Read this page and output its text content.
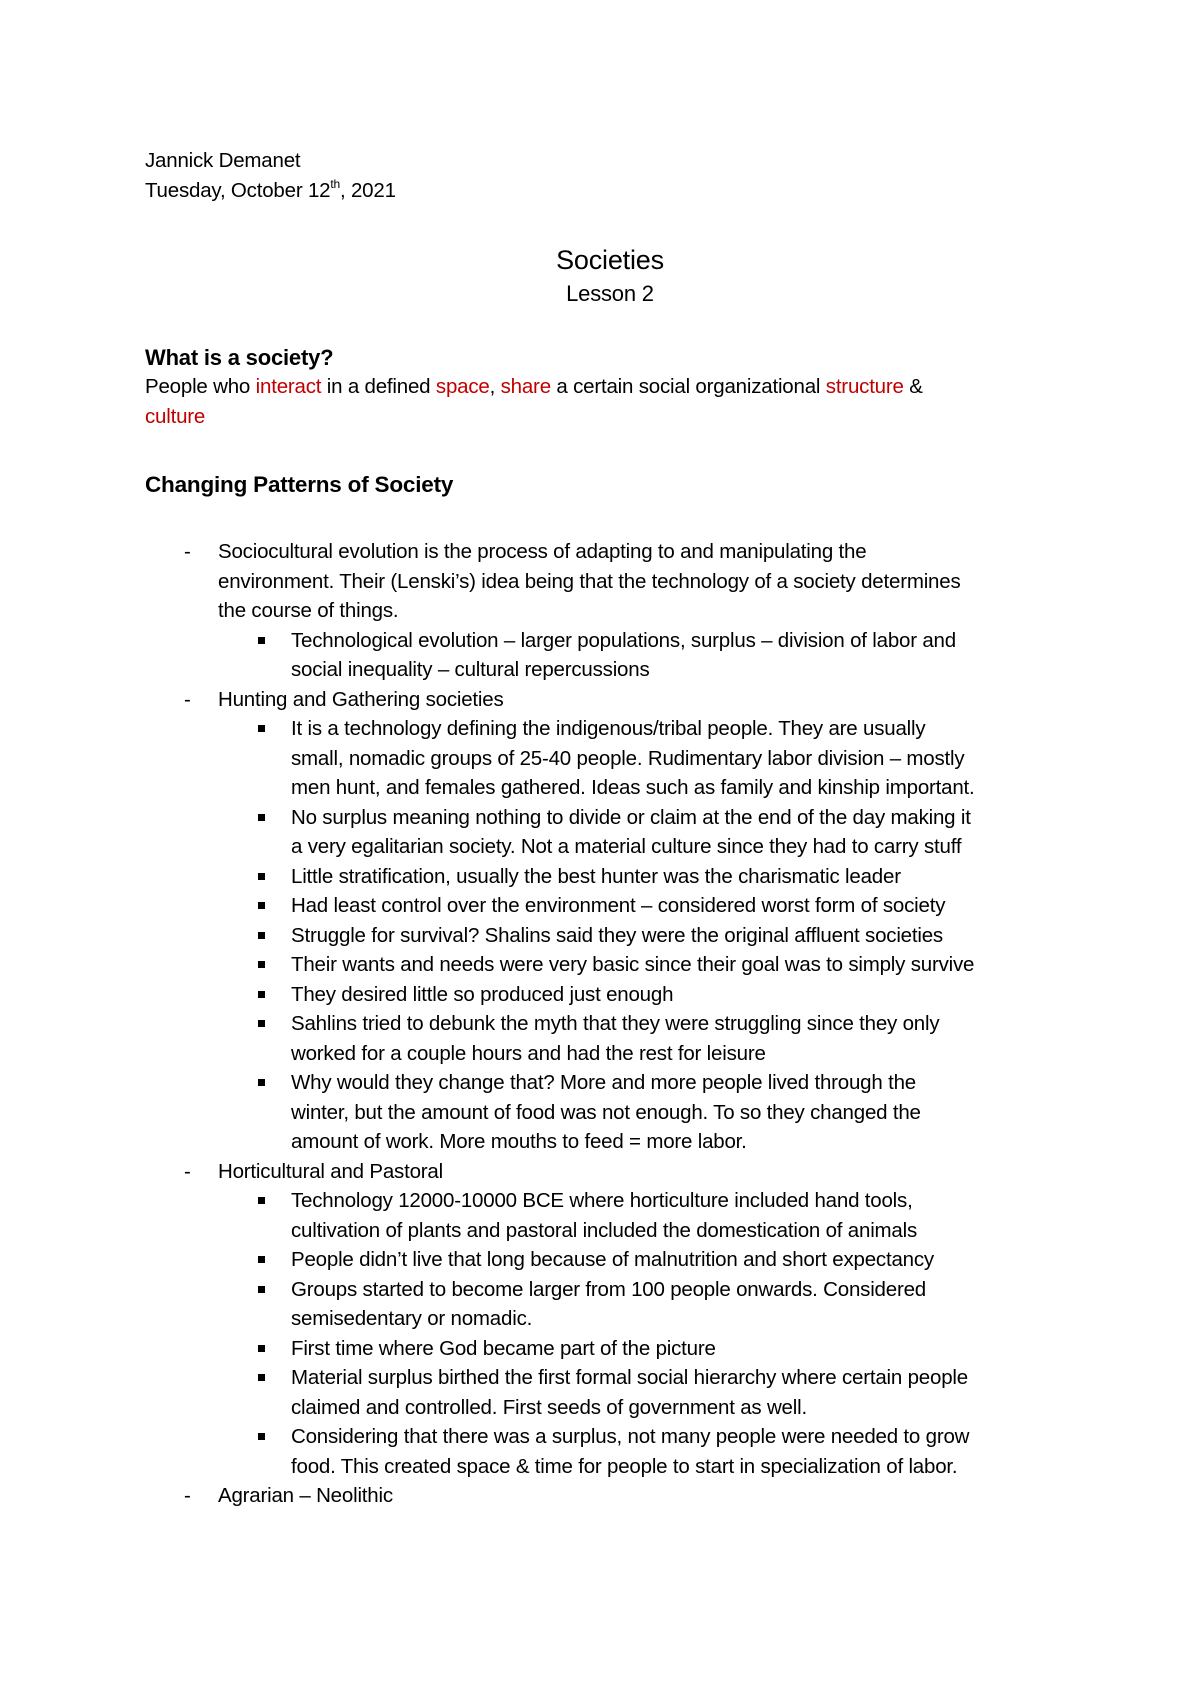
Jannick Demanet

Tuesday, October 12th, 2021

Societies

Lesson 2

What is a society?

People who interact in a defined space, share a certain social organizational structure &
culture

Changing Patterns of Society

- Sociocultural evolution is the process of adapting to and manipulating the
environment. Their (Lenski’s) idea being that the technology of a society determines
the course of things.
Technological evolution – larger populations, surplus – division of labor and
social inequality – cultural repercussions
- Hunting and Gathering societies
It is a technology defining the indigenous/tribal people. They are usually
small, nomadic groups of 25-40 people. Rudimentary labor division – mostly
men hunt, and females gathered. Ideas such as family and kinship important.
No surplus meaning nothing to divide or claim at the end of the day making it
a very egalitarian society. Not a material culture since they had to carry stuff
Little stratification, usually the best hunter was the charismatic leader
Had least control over the environment – considered worst form of society
Struggle for survival? Shalins said they were the original affluent societies
Their wants and needs were very basic since their goal was to simply survive
They desired little so produced just enough
Sahlins tried to debunk the myth that they were struggling since they only
worked for a couple hours and had the rest for leisure
Why would they change that? More and more people lived through the
winter, but the amount of food was not enough. To so they changed the
amount of work. More mouths to feed = more labor.
- Horticultural and Pastoral
Technology 12000-10000 BCE where horticulture included hand tools,
cultivation of plants and pastoral included the domestication of animals
People didn’t live that long because of malnutrition and short expectancy
Groups started to become larger from 100 people onwards. Considered
semisedentary or nomadic.
First time where God became part of the picture
Material surplus birthed the first formal social hierarchy where certain people
claimed and controlled. First seeds of government as well.
Considering that there was a surplus, not many people were needed to grow
food. This created space & time for people to start in specialization of labor.
- Agrarian – Neolithic
